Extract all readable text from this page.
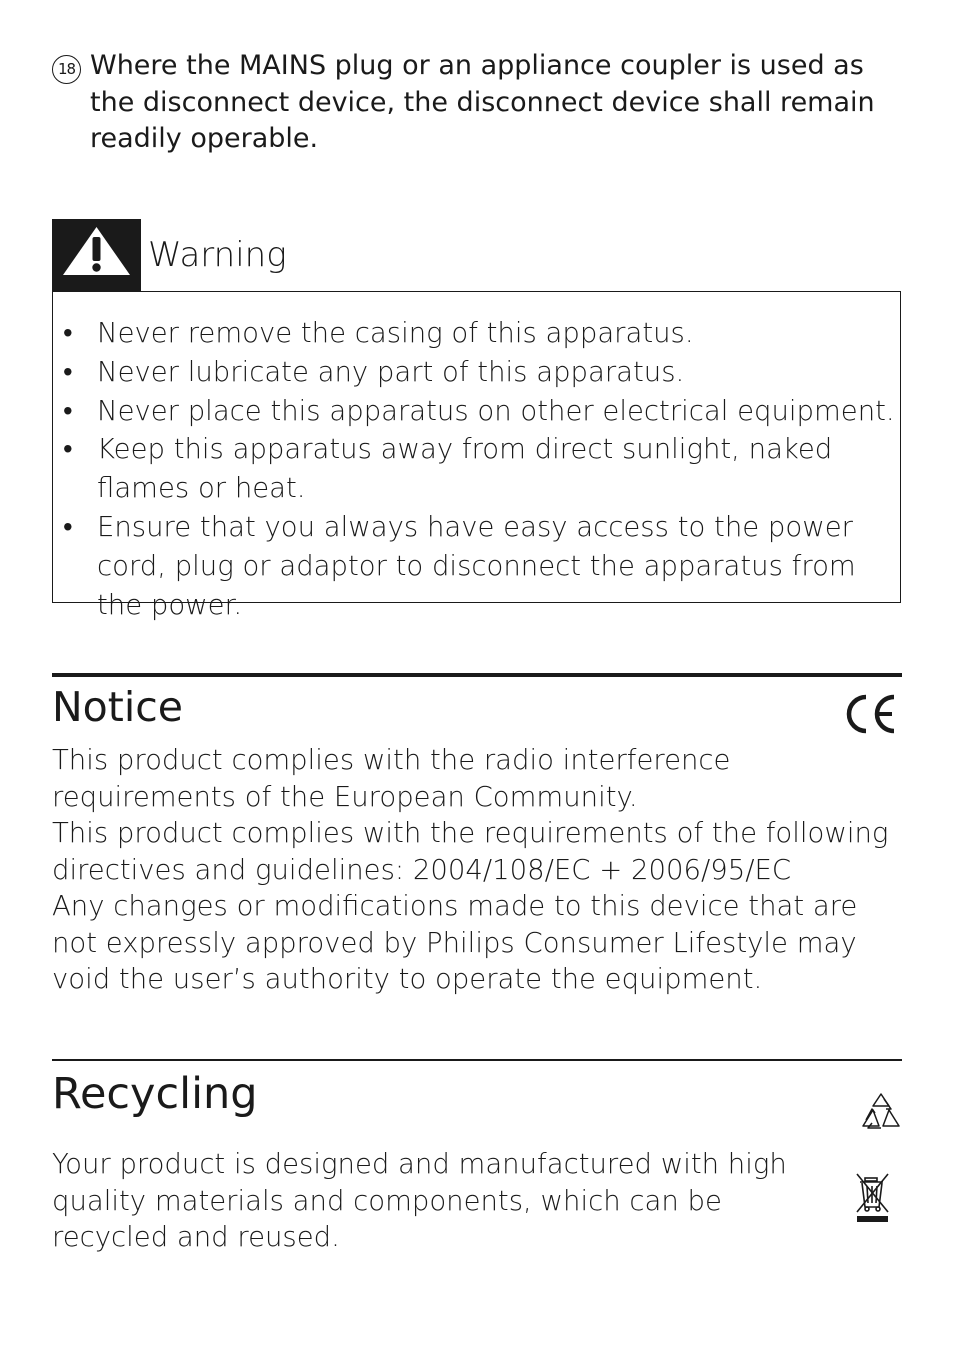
18 Where the MAINS plug or an appliance coupler is used as the disconnect device, the disconnect device shall remain readily operable.
Warning
• Never remove the casing of this apparatus.
• Never lubricate any part of this apparatus.
• Never place this apparatus on other electrical equipment.
• Keep this apparatus away from direct sunlight, naked flames or heat.
• Ensure that you always have easy access to the power cord, plug or adaptor to disconnect the apparatus from the power.
Notice

This product complies with the radio interference requirements of the European Community.

This product complies with the requirements of the following directives and guidelines: 2004/108/EC + 2006/95/EC

Any changes or modifications made to this device that are not expressly approved by Philips Consumer Lifestyle may void the user’s authority to operate the equipment.

Recycling
Your product is designed and manufactured with high quality materials and components, which can be recycled and reused.
